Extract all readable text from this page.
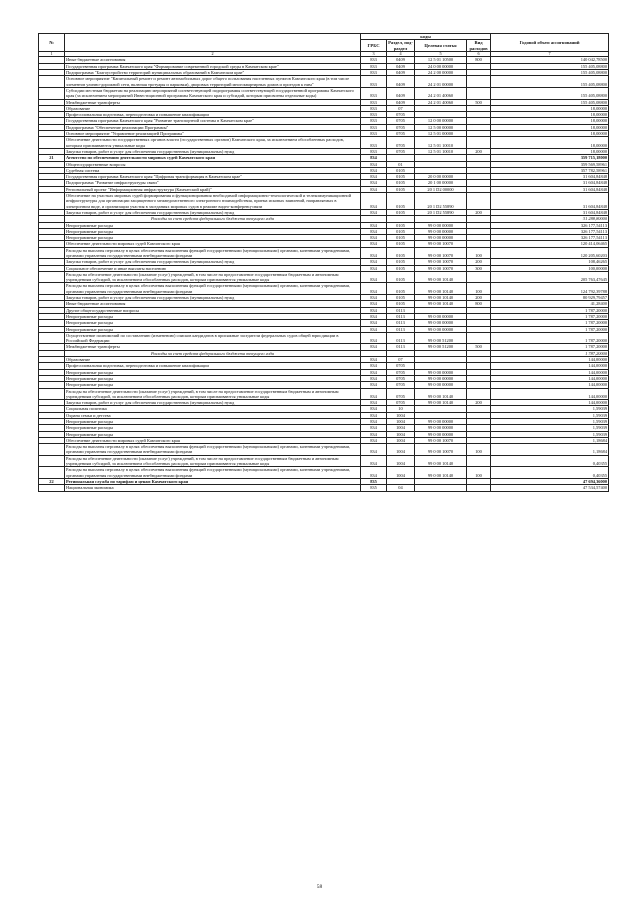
№		коды				Годовой объем ассигнований
		ГРБС	Раздел, под- раздел	Целевая статья	Вид расходов	
1	2	3	4	5	6	7
	Иные бюджетные ассигнования	833	0409	12 5 01 10500	800	140 042,78500
	Государственная программа Камчатского края "Формирование современной городской среды в Камчатском крае"	833	0409	24 0 00 00000		155 405,08800
	Подпрограмма "Благоустройство территорий муниципальных образований в Камчатском крае"	833	0409	24 2 00 00000		155 405,08800
	Основное мероприятие "Капитальный ремонт и ремонт автомобильных дорог общего пользования населенных пунктов Камчатского края (в том числе элементов улично-дорожной сети, включая тротуары и парковки), дворовых территорий многоквартирных домов и проездов к ним"	833	0409	24 2 01 00000		155 405,08800
	Субсидии местным бюджетам на реализацию мероприятий соответствующей подпрограммы соответствующей государственной программы Камчатского края (за исключением мероприятий Инвестиционной программы Камчатского края и субсидий, которым присвоены отдельные коды)	833	0409	24 2 01 40060		155 405,08800
	Межбюджетные трансферты	833	0409	24 2 01 40060	500	155 405,08800
	Образование	833	07			18,00000
	Профессиональная подготовка, переподготовка и повышение квалификации	833	0705			18,00000
	Государственная программа Камчатского края "Развитие транспортной системы в Камчатском крае"	833	0705	12 0 00 00000		18,00000
	Подпрограмма "Обеспечение реализации Программы"	833	0705	12 5 00 00000		18,00000
	Основное мероприятие "Управление реализацией Программы"	833	0705	12 5 01 00000		18,00000
	Обеспечение деятельности государственных органов власти (государственных органов) Камчатского края, за исключением обособленных расходов, которым присваиваются уникальные коды	833	0705	12 5 01 10010		18,00000
	Закупка товаров, работ и услуг для обеспечения государственных (муниципальных) нужд	833	0705	12 5 01 10010	200	18,00000
21	Агентство по обеспечению деятельности мировых судей Камчатского края	834				359 715,18000
	Общегосударственные вопросы	834	01			359 569,58961
	Судебная система	834	0105			357 782,58961
	Государственная программа Камчатского края "Цифровая трансформация в Камчатском крае"	834	0105	20 0 00 00000		31 604,84848
	Подпрограмма "Развитие инфраструктуры связи"	834	0105	20 1 00 00000		31 604,84848
	Региональный проект "Информационная инфраструктура (Камчатский край)"	834	0105	20 1 D2 00000		31 604,84848
	Обеспечение на участках мировых судей формирования и функционирования необходимой информационно-технологической и телекоммуникационной инфраструктуры для организации защищенного межведомственного электронного взаимодействия, приема исковых заявлений, направляемых в электронном виде, и организации участия в заседаниях мировых судов в режиме видео-конференц-связи	834	0105	20 1 D2 55890		31 604,84848
	Закупка товаров, работ и услуг для обеспечения государственных (муниципальных) нужд	834	0105	20 1 D2 55890	200	31 604,84848
	Расходы за счет средств федерального бюджета текущего года					31 288,80000
	Непрограммные расходы	834	0105	99 0 00 00000		326 177,54113
	Непрограммные расходы	834	0105	99 0 00 00000		326 177,54113
	Непрограммные расходы	834	0105	99 0 00 00000		326 177,54113
	Обеспечение деятельности мировых судей Камчатского края	834	0105	99 0 00 10070		120 414,06465
	Расходы на выплаты персоналу в целях обеспечения выполнения функций государственными (муниципальными) органами, казенными учреждениями, органами управления государственными внебюджетными фондами	834	0105	99 0 00 10070	100	120 205,60203
	Закупка товаров, работ и услуг для обеспечения государственных (муниципальных) нужд	834	0105	99 0 00 10070	200	108,46265
	Социальное обеспечение и иные выплаты населению	834	0105	99 0 00 10070	300	100,00000
	Расходы на обеспечение деятельности (оказание услуг) учреждений, в том числе на предоставление государственным бюджетным и автономным учреждениям субсидий, за исключением обособленных расходов, которым присваиваются уникальные коды	834	0105	99 0 00 10140		205 763,47645
	Расходы на выплаты персоналу в целях обеспечения выполнения функций государственными (муниципальными) органами, казенными учреждениями, органами управления государственными внебюджетными фондами	834	0105	99 0 00 10140	100	124 792,39788
	Закупка товаров, работ и услуг для обеспечения государственных (муниципальных) нужд	834	0105	99 0 00 10140	200	80 929,79457
	Иные бюджетные ассигнования	834	0105	99 0 00 10140	800	41,28400
	Другие общегосударственные вопросы	834	0113			1 787,20000
	Непрограммные расходы	834	0113	99 0 00 00000		1 787,20000
	Непрограммные расходы	834	0113	99 0 00 00000		1 787,20000
	Непрограммные расходы	834	0113	99 0 00 00000		1 787,20000
	Осуществление полномочий по составлению (изменению) списков кандидатов в присяжные заседатели федеральных судов общей юрисдикции в Российской Федерации	834	0113	99 0 00 51200		1 787,20000
	Межбюджетные трансферты	834	0113	99 0 00 51200	500	1 787,20000
	Расходы за счет средств федерального бюджета текущего года					1 787,20000
	Образование	834	07			144,00000
	Профессиональная подготовка, переподготовка и повышение квалификации	834	0705			144,00000
	Непрограммные расходы	834	0705	99 0 00 00000		144,00000
	Непрограммные расходы	834	0705	99 0 00 00000		144,00000
	Непрограммные расходы	834	0705	99 0 00 00000		144,00000
	Расходы на обеспечение деятельности (оказание услуг) учреждений, в том числе на предоставление государственным бюджетным и автономным учреждениям субсидий, за исключением обособленных расходов, которым присваиваются уникальные коды	834	0705	99 0 00 10140		144,00000
	Закупка товаров, работ и услуг для обеспечения государственных (муниципальных) нужд	834	0705	99 0 00 10140	200	144,00000
	Социальная политика	834	10			1,59039
	Охрана семьи и детства	834	1004			1,59039
	Непрограммные расходы	834	1004	99 0 00 00000		1,59039
	Непрограммные расходы	834	1004	99 0 00 00000		1,59039
	Непрограммные расходы	834	1004	99 0 00 00000		1,59039
	Обеспечение деятельности мировых судей Камчатского края	834	1004	99 0 00 10070		1,18684
	Расходы на выплаты персоналу в целях обеспечения выполнения функций государственными (муниципальными) органами, казенными учреждениями, органами управления государственными внебюджетными фондами	834	1004	99 0 00 10070	100	1,18684
	Расходы на обеспечение деятельности (оказание услуг) учреждений, в том числе на предоставление государственным бюджетным и автономным учреждениям субсидий, за исключением обособленных расходов, которым присваиваются уникальные коды	834	1004	99 0 00 10140		0,40355
	Расходы на выплаты персоналу в целях обеспечения выполнения функций государственными (муниципальными) органами, казенными учреждениями, органами управления государственными внебюджетными фондами	834	1004	99 0 00 10140	100	0,40355
22	Региональная служба по тарифам и ценам Камчатского края	835				47 694,36000
	Национальная экономика	835	04			47 534,57400
58
